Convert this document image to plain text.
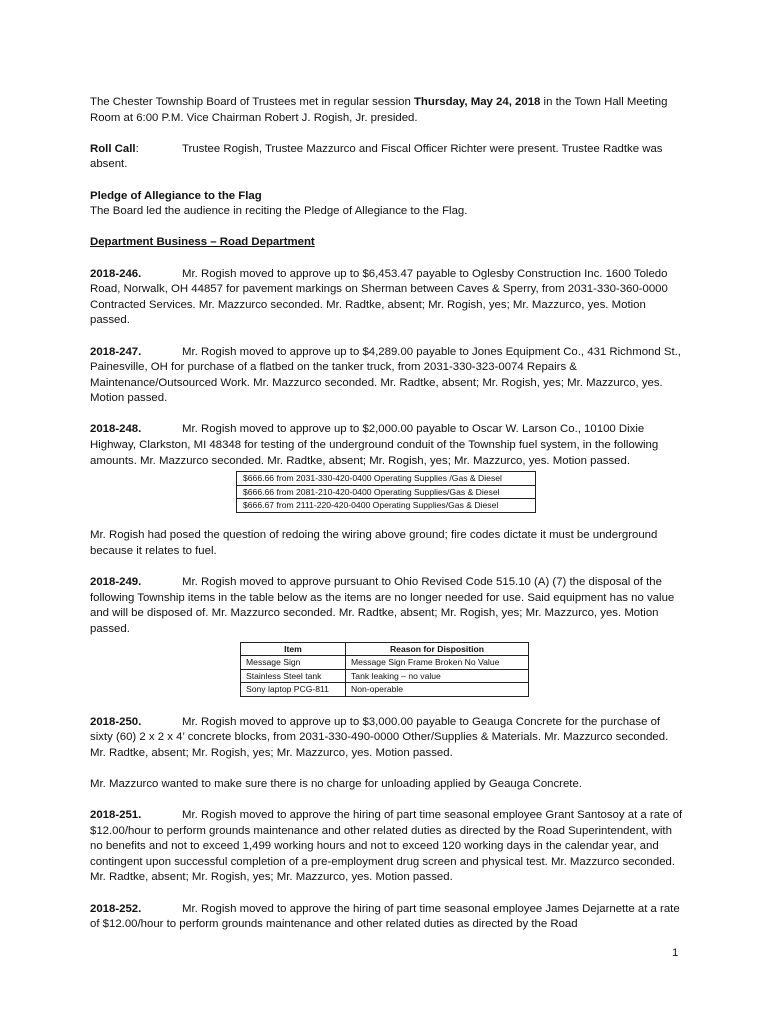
The Chester Township Board of Trustees met in regular session Thursday, May 24, 2018 in the Town Hall Meeting Room at 6:00 P.M. Vice Chairman Robert J. Rogish, Jr. presided.

Roll Call:	Trustee Rogish, Trustee Mazzurco and Fiscal Officer Richter were present. Trustee Radtke was absent.

Pledge of Allegiance to the Flag
The Board led the audience in reciting the Pledge of Allegiance to the Flag.

Department Business – Road Department

2018-246.	Mr. Rogish moved to approve up to $6,453.47 payable to Oglesby Construction Inc. 1600 Toledo Road, Norwalk, OH 44857 for pavement markings on Sherman between Caves & Sperry, from 2031-330-360-0000 Contracted Services. Mr. Mazzurco seconded. Mr. Radtke, absent; Mr. Rogish, yes; Mr. Mazzurco, yes. Motion passed.

2018-247.	Mr. Rogish moved to approve up to $4,289.00 payable to Jones Equipment Co., 431 Richmond St., Painesville, OH for purchase of a flatbed on the tanker truck, from 2031-330-323-0074 Repairs & Maintenance/Outsourced Work. Mr. Mazzurco seconded. Mr. Radtke, absent; Mr. Rogish, yes; Mr. Mazzurco, yes. Motion passed.

2018-248.	Mr. Rogish moved to approve up to $2,000.00 payable to Oscar W. Larson Co., 10100 Dixie Highway, Clarkston, MI 48348 for testing of the underground conduit of the Township fuel system, in the following amounts. Mr. Mazzurco seconded. Mr. Radtke, absent; Mr. Rogish, yes; Mr. Mazzurco, yes. Motion passed.

$666.66 from 2031-330-420-0400 Operating Supplies /Gas & Diesel
$666.66 from 2081-210-420-0400 Operating Supplies/Gas & Diesel
$666.67 from 2111-220-420-0400 Operating Supplies/Gas & Diesel

Mr. Rogish had posed the question of redoing the wiring above ground; fire codes dictate it must be underground because it relates to fuel.

2018-249.	Mr. Rogish moved to approve pursuant to Ohio Revised Code 515.10 (A) (7) the disposal of the following Township items in the table below as the items are no longer needed for use. Said equipment has no value and will be disposed of. Mr. Mazzurco seconded. Mr. Radtke, absent; Mr. Rogish, yes; Mr. Mazzurco, yes. Motion passed.

Item	Reason for Disposition
Message Sign	Message Sign Frame Broken No Value
Stainless Steel tank	Tank leaking – no value
Sony laptop PCG-811	Non-operable

2018-250.	Mr. Rogish moved to approve up to $3,000.00 payable to Geauga Concrete for the purchase of sixty (60) 2 x 2 x 4’ concrete blocks, from 2031-330-490-0000 Other/Supplies & Materials. Mr. Mazzurco seconded. Mr. Radtke, absent; Mr. Rogish, yes; Mr. Mazzurco, yes. Motion passed.

Mr. Mazzurco wanted to make sure there is no charge for unloading applied by Geauga Concrete.

2018-251.	Mr. Rogish moved to approve the hiring of part time seasonal employee Grant Santosoy at a rate of $12.00/hour to perform grounds maintenance and other related duties as directed by the Road Superintendent, with no benefits and not to exceed 1,499 working hours and not to exceed 120 working days in the calendar year, and contingent upon successful completion of a pre-employment drug screen and physical test. Mr. Mazzurco seconded. Mr. Radtke, absent; Mr. Rogish, yes; Mr. Mazzurco, yes. Motion passed.

2018-252.	Mr. Rogish moved to approve the hiring of part time seasonal employee James Dejarnette at a rate of $12.00/hour to perform grounds maintenance and other related duties as directed by the Road

1
